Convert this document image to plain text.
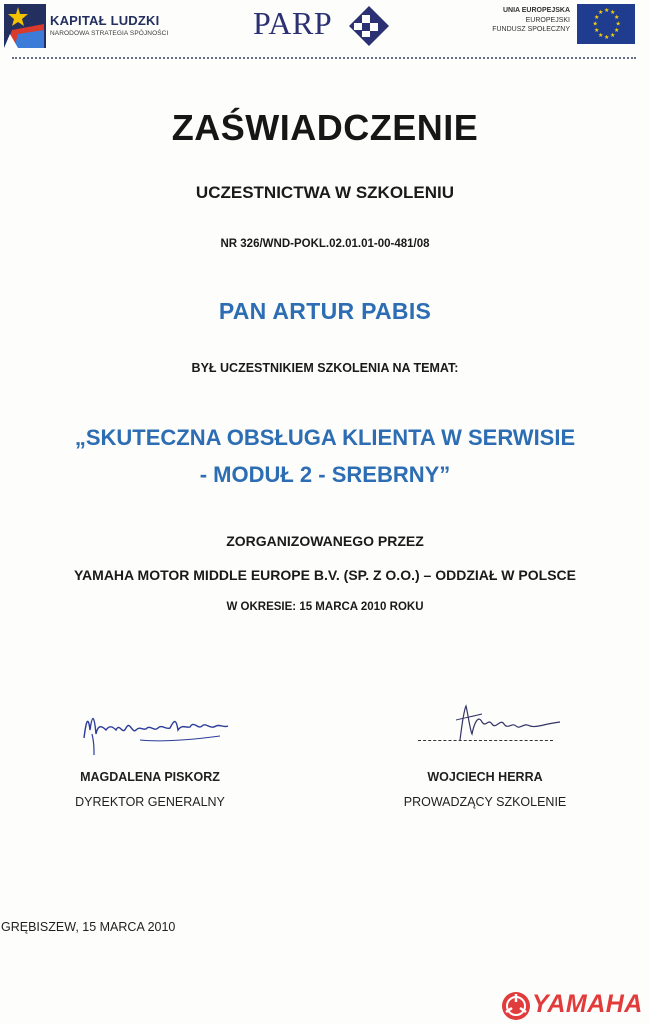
KAPITAŁ LUDZKI
NARODOWA STRATEGIA SPÓJNOŚCI	PARP	UNIA EUROPEJSKA
EUROPEJSKI
FUNDUSZ SPOŁECZNY
★ ★
★
★
★
★
★
★
★
★
★
★
ZAŚWIADCZENIE
UCZESTNICTWA W SZKOLENIU
NR 326/WND-POKL.02.01.01-00-481/08
PAN ARTUR PABIS
BYŁ UCZESTNIKIEM SZKOLENIA NA TEMAT:
„SKUTECZNA OBSŁUGA KLIENTA W SERWISIE
- MODUŁ 2 - SREBRNY”
ZORGANIZOWANEGO PRZEZ
YAMAHA MOTOR MIDDLE EUROPE B.V. (SP. Z O.O.) – ODDZIAŁ W POLSCE
W OKRESIE: 15 MARCA 2010 ROKU
MAGDALENA PISKORZ
DYREKTOR GENERALNY
WOJCIECH HERRA
PROWADZĄCY SZKOLENIE
GRĘBISZEW, 15 MARCA 2010
YAMAHA
